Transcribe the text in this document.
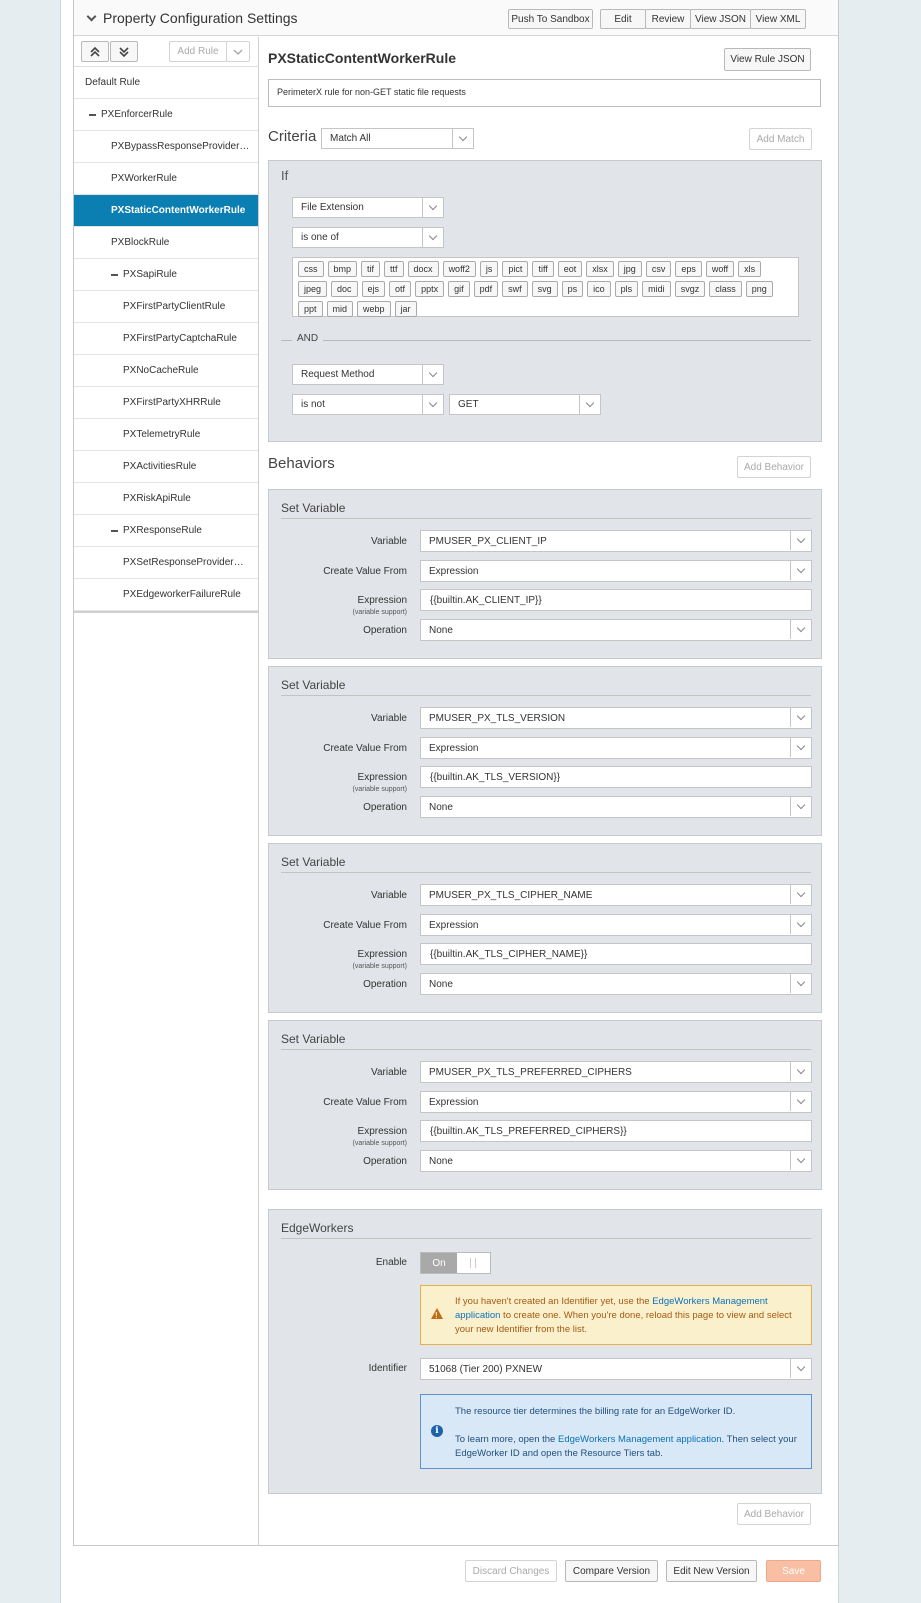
Property Configuration Settings	Push To Sandbox	Edit	Review	View JSON View XML
Add Rule
Default Rule
PXEnforcerRule
PXBypassResponseProvider…
PXWorkerRule
PXStaticContentWorkerRule
PXBlockRule
PXSapiRule
PXFirstPartyClientRule
PXFirstPartyCaptchaRule
PXNoCacheRule
PXFirstPartyXHRRule
PXTelemetryRule
PXActivitiesRule
PXRiskApiRule
PXResponseRule
PXSetResponseProvider…
PXEdgeworkerFailureRule
PXStaticContentWorkerRule	View Rule JSON
PerimeterX rule for non-GET static file requests
Criteria Match All	Add Match
If
File Extension
is one of
css	bmp	tif	ttf	docx	woff2	js	pict	tiff	eot	xlsx	jpg	csv	eps	woff	xls
jpeg	doc	ejs	otf	pptx	gif	pdf	swf	svg	ps	ico	pls	midi	svgz	class	png
ppt	mid	webp	jar
AND
Request Method
is not	GET
Behaviors	Add Behavior
Set Variable
Variable PMUSER_PX_CLIENT_IP
Create Value From Expression
Expression
(variable support)
{{builtin.AK_CLIENT_IP}}
Operation None
Set Variable
Variable PMUSER_PX_TLS_VERSION
Create Value From Expression
Expression
(variable support)
{{builtin.AK_TLS_VERSION}}
Operation None
Set Variable
Variable PMUSER_PX_TLS_CIPHER_NAME
Create Value From Expression
Expression
(variable support)
{{builtin.AK_TLS_CIPHER_NAME}}
Operation None
Set Variable
Variable PMUSER_PX_TLS_PREFERRED_CIPHERS
Create Value From Expression
Expression
(variable support)
{{builtin.AK_TLS_PREFERRED_CIPHERS}}
Operation None
EdgeWorkers
Enable	On
!
If you haven't created an Identifier yet, use the EdgeWorkers Management application to create one. When you're done, reload this page to view and select your new Identifier from the list.
Identifier 51068 (Tier 200) PXNEW
i
The resource tier determines the billing rate for an EdgeWorker ID.
To learn more, open the EdgeWorkers Management application. Then select your EdgeWorker ID and open the Resource Tiers tab.
Add Behavior
Discard Changes	Compare Version	Edit New Version	Save
